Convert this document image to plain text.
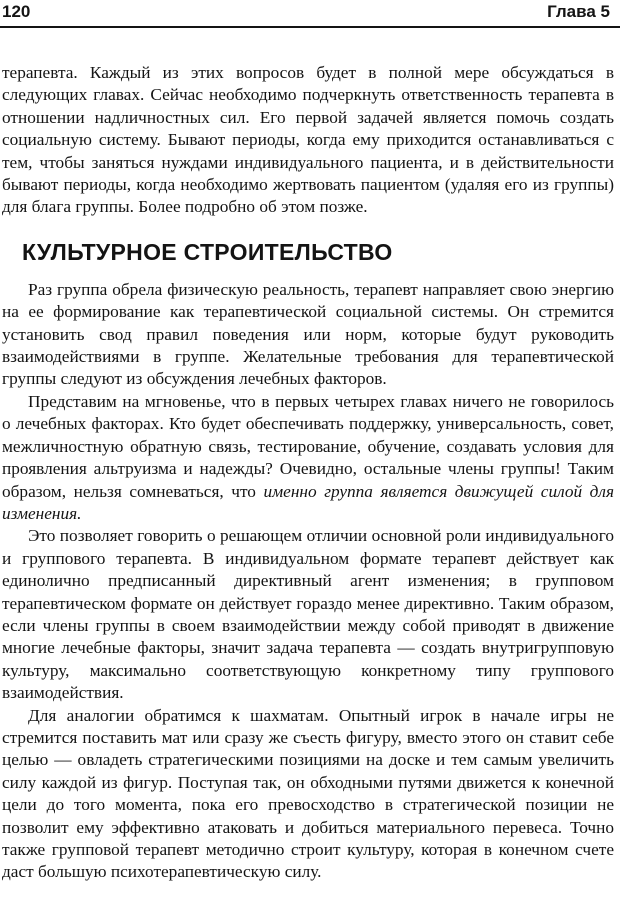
120	Глава 5

терапевта. Каждый из этих вопросов будет в полной мере обсуждаться в следующих главах. Сейчас необходимо подчеркнуть ответственность терапевта в отношении надличностных сил. Его первой задачей является помочь создать социальную систему. Бывают периоды, когда ему приходится останавливаться с тем, чтобы заняться нуждами индивидуального пациента, и в действительности бывают периоды, когда необходимо жертвовать пациентом (удаляя его из группы) для блага группы. Более подробно об этом позже.

КУЛЬТУРНОЕ СТРОИТЕЛЬСТВО

Раз группа обрела физическую реальность, терапевт направляет свою энергию на ее формирование как терапевтической социальной системы. Он стремится установить свод правил поведения или норм, которые будут руководить взаимодействиями в группе. Желательные требования для терапевтической группы следуют из обсуждения лечебных факторов.

Представим на мгновенье, что в первых четырех главах ничего не говорилось о лечебных факторах. Кто будет обеспечивать поддержку, универсальность, совет, межличностную обратную связь, тестирование, обучение, создавать условия для проявления альтруизма и надежды? Очевидно, остальные члены группы! Таким образом, нельзя сомневаться, что именно группа является движущей силой для изменения.

Это позволяет говорить о решающем отличии основной роли индивидуального и группового терапевта. В индивидуальном формате терапевт действует как единолично предписанный директивный агент изменения; в групповом терапевтическом формате он действует гораздо менее директивно. Таким образом, если члены группы в своем взаимодействии между собой приводят в движение многие лечебные факторы, значит задача терапевта — создать внутригрупповую культуру, максимально соответствующую конкретному типу группового взаимодействия.

Для аналогии обратимся к шахматам. Опытный игрок в начале игры не стремится поставить мат или сразу же съесть фигуру, вместо этого он ставит себе целью — овладеть стратегическими позициями на доске и тем самым увеличить силу каждой из фигур. Поступая так, он обходными путями движется к конечной цели до того момента, пока его превосходство в стратегической позиции не позволит ему эффективно атаковать и добиться материального перевеса. Точно также групповой терапевт методично строит культуру, которая в конечном счете даст большую психотерапевтическую силу.
